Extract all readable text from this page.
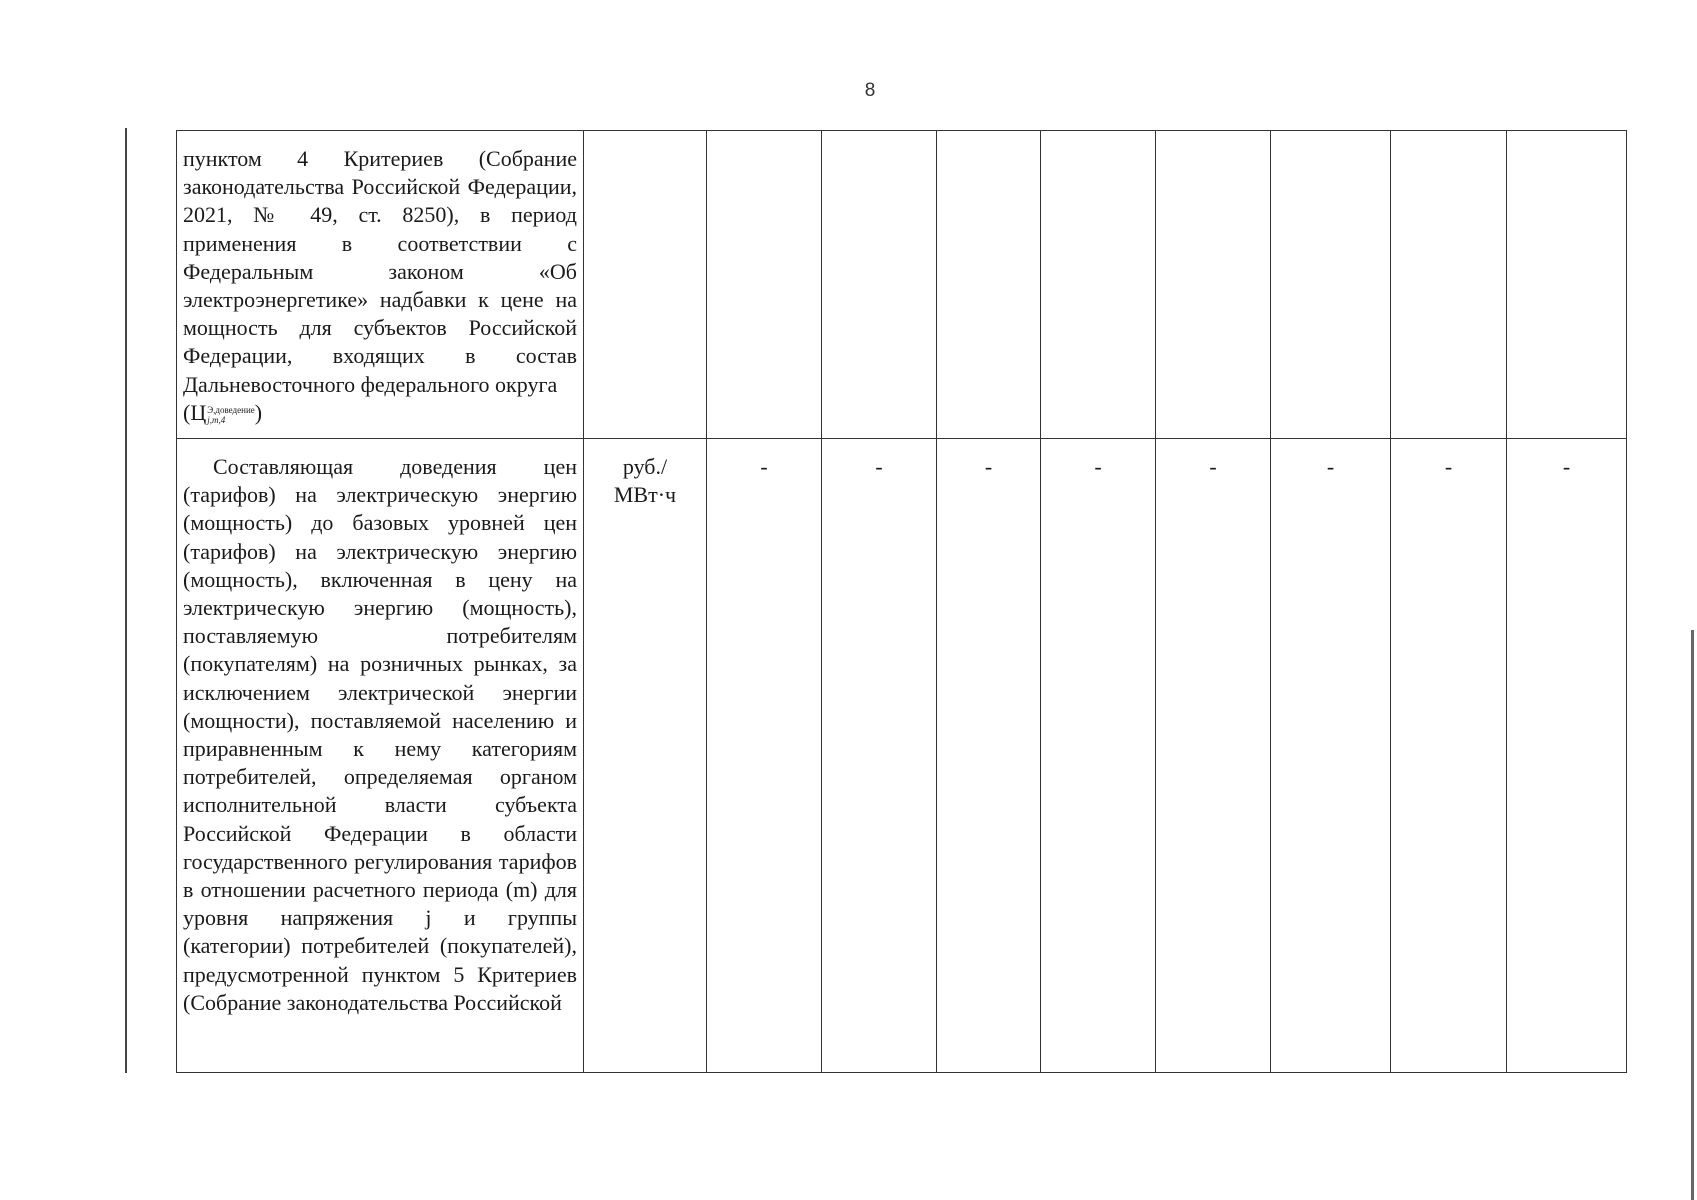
8
пунктом 4 Критериев (Собрание законодательства Российской Федерации, 2021, № 49, ст. 8250), в период применения в соответствии с Федеральным законом «Об электроэнергетике» надбавки к цене на мощность для субъектов Российской Федерации, входящих в состав Дальневосточного федерального округа
(Ц Э,доведение
j,m,4 )									

Составляющая доведения цен (тарифов) на электрическую энергию (мощность) до базовых уровней цен (тарифов) на электрическую энергию (мощность), включенная в цену на электрическую энергию (мощность), поставляемую потребителям (покупателям) на розничных рынках, за исключением электрической энергии (мощности), поставляемой населению и приравненным к нему категориям потребителей, определяемая органом исполнительной власти субъекта Российской Федерации в области государственного регулирования тарифов в отношении расчетного периода (m) для уровня напряжения j и группы (категории) потребителей (покупателей), предусмотренной пунктом 5 Критериев (Собрание законодательства Российской	руб./
МВт·ч	-	-	-	-	-	-	-	-
